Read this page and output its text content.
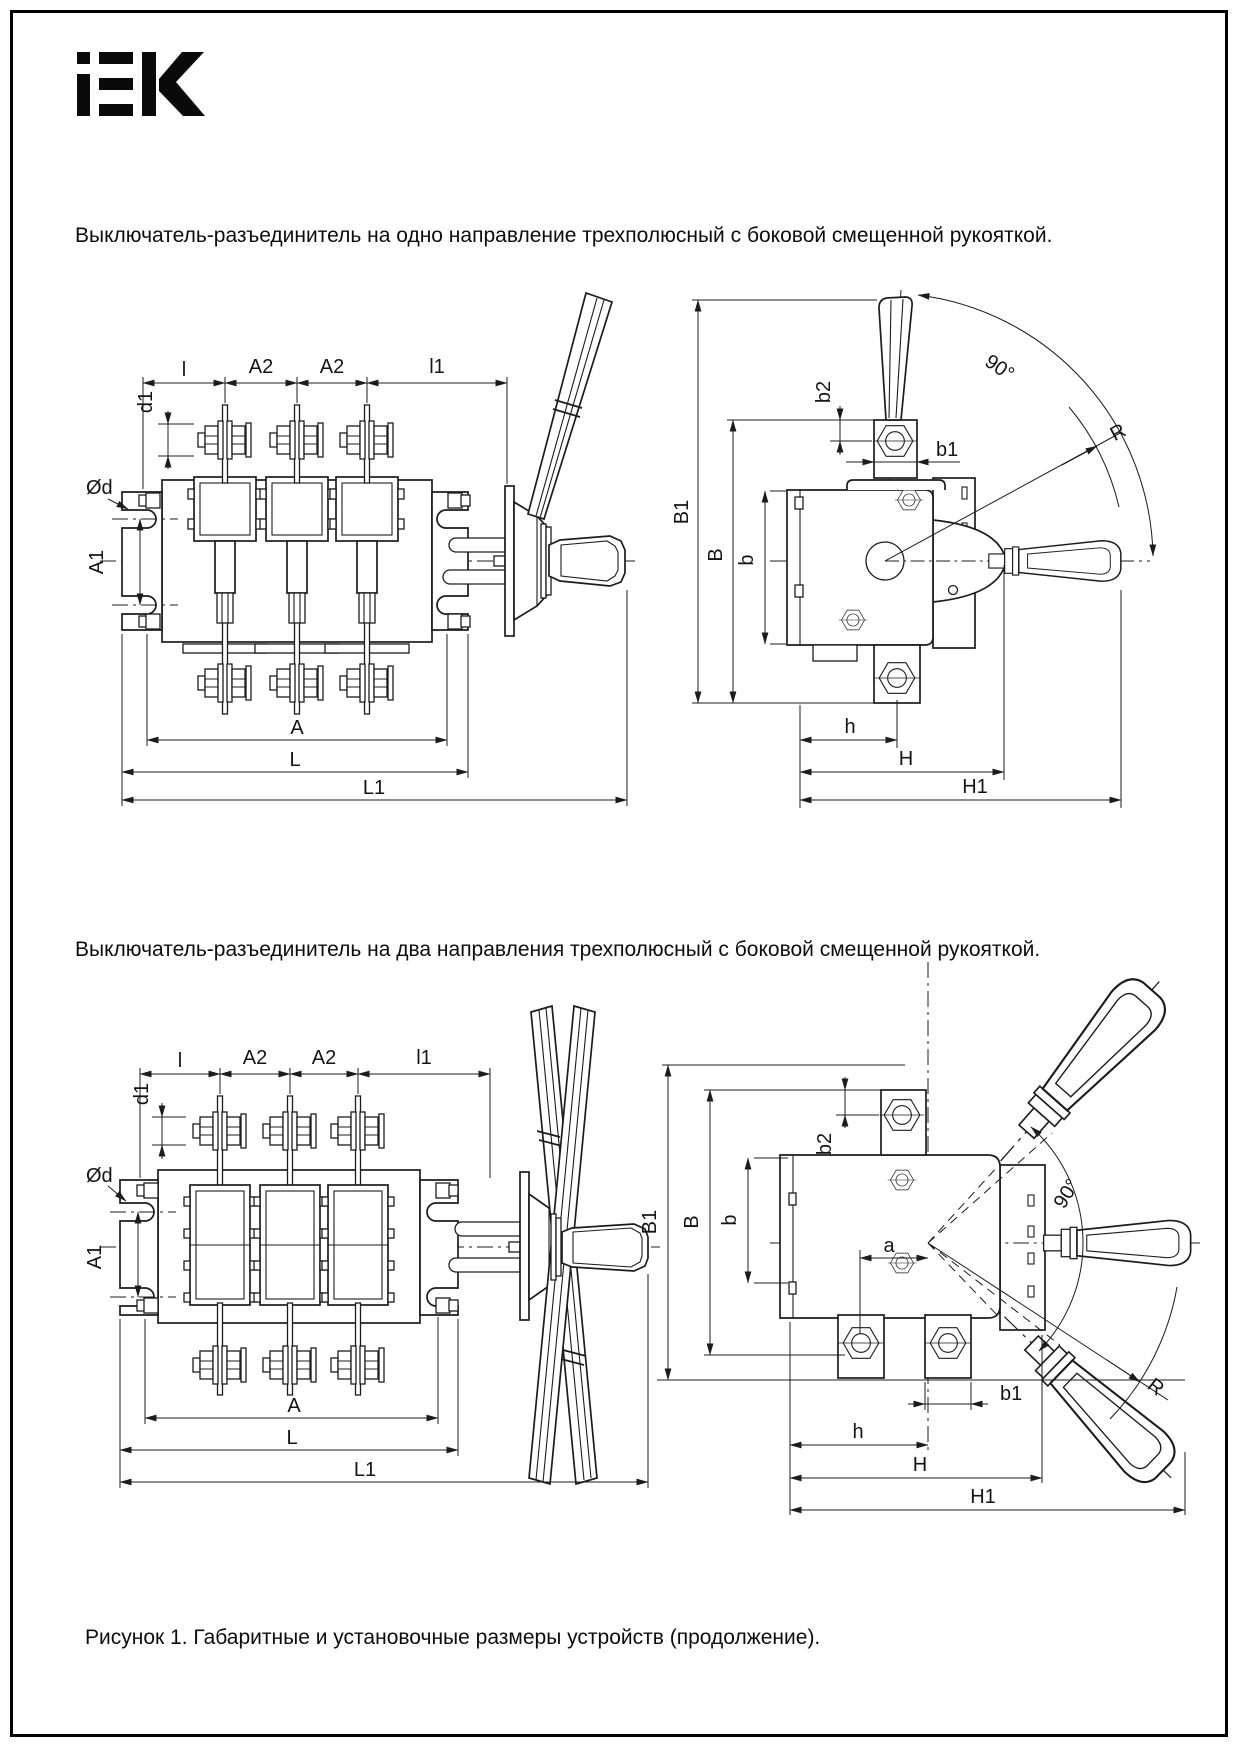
Выключатель-разъединитель на одно направление трехполюсный с боковой смещенной рукояткой.
l	A2 A2	l1
d1
Ød
A1
A
L
L1
90°
R
B1
B b
b2
b1
h
H
H1
Выключатель-разъединитель на два направления трехполюсный с боковой смещенной рукояткой.
l	A2 A2	l1
d1
Ød
A1
A
L
L1
90°
R
B1 B b
b2
a
b1
h
H
H1
Рисунок 1. Габаритные и установочные размеры устройств (продолжение).
